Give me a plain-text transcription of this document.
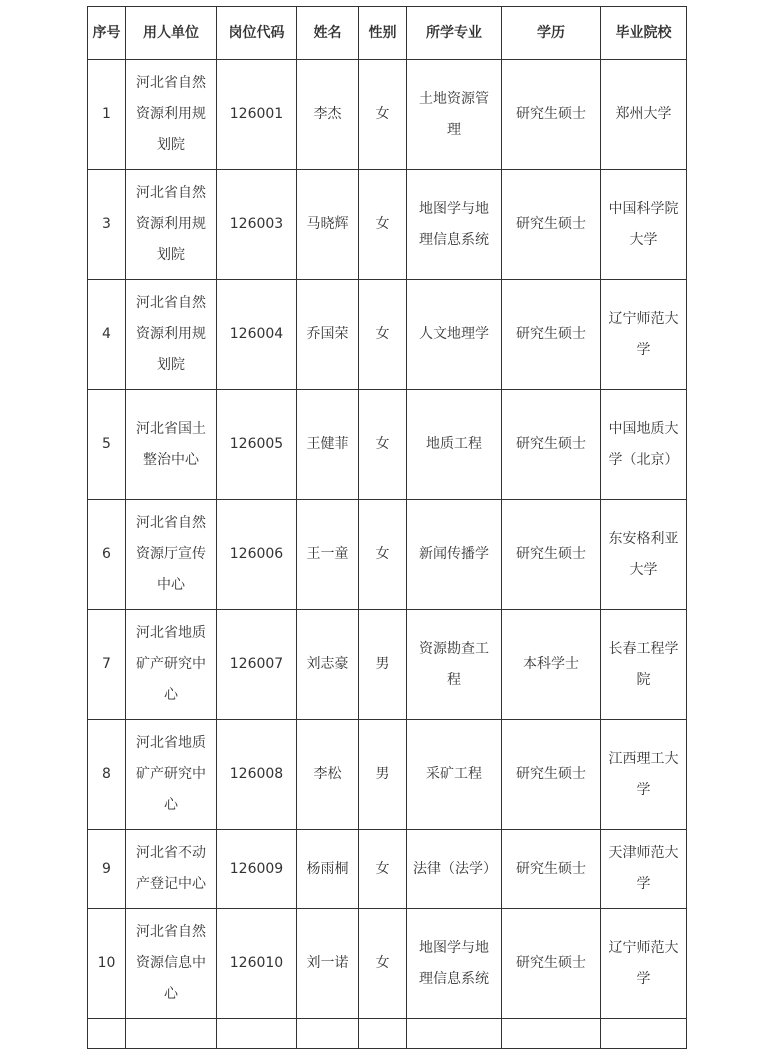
序号	用人单位	岗位代码	姓名	性别	所学专业	学历	毕业院校
1	河北省自然资源利用规划院	126001	李杰	女	土地资源管理	研究生硕士	郑州大学
3	河北省自然资源利用规划院	126003	马晓辉	女	地图学与地理信息系统	研究生硕士	中国科学院大学
4	河北省自然资源利用规划院	126004	乔国荣	女	人文地理学	研究生硕士	辽宁师范大学
5	河北省国土整治中心	126005	王健菲	女	地质工程	研究生硕士	中国地质大学（北京）
6	河北省自然资源厅宣传中心	126006	王一童	女	新闻传播学	研究生硕士	东安格利亚大学
7	河北省地质矿产研究中心	126007	刘志豪	男	资源勘查工程	本科学士	长春工程学院
8	河北省地质矿产研究中心	126008	李松	男	采矿工程	研究生硕士	江西理工大学
9	河北省不动产登记中心	126009	杨雨桐	女	法律（法学）	研究生硕士	天津师范大学
10	河北省自然资源信息中心	126010	刘一诺	女	地图学与地理信息系统	研究生硕士	辽宁师范大学
